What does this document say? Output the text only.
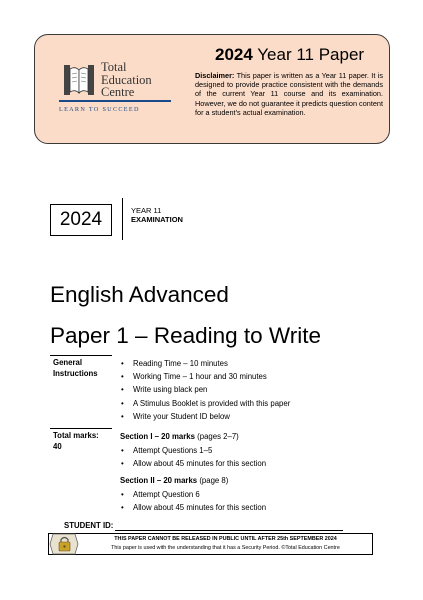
Total
Education
Centre
LEARN TO SUCCEED
2024 Year 11 Paper
Disclaimer: This paper is written as a Year 11 paper. It is designed to provide practice consistent with the demands of the current Year 11 course and its examination. However, we do not guarantee it predicts question content for a student’s actual examination.
2024	YEAR 11
EXAMINATION
English Advanced
Paper 1 – Reading to Write
General
Instructions
• Reading Time – 10 minutes
• Working Time – 1 hour and 30 minutes
• Write using black pen
• A Stimulus Booklet is provided with this paper
• Write your Student ID below
Total marks:
40
Section I – 20 marks (pages 2–7)
• Attempt Questions 1–5
• Allow about 45 minutes for this section
Section II – 20 marks (page 8)
• Attempt Question 6
• Allow about 45 minutes for this section
STUDENT ID:
THIS PAPER CANNOT BE RELEASED IN PUBLIC UNTIL AFTER 25th SEPTEMBER 2024
This paper is used with the understanding that it has a Security Period. ©Total Education Centre
